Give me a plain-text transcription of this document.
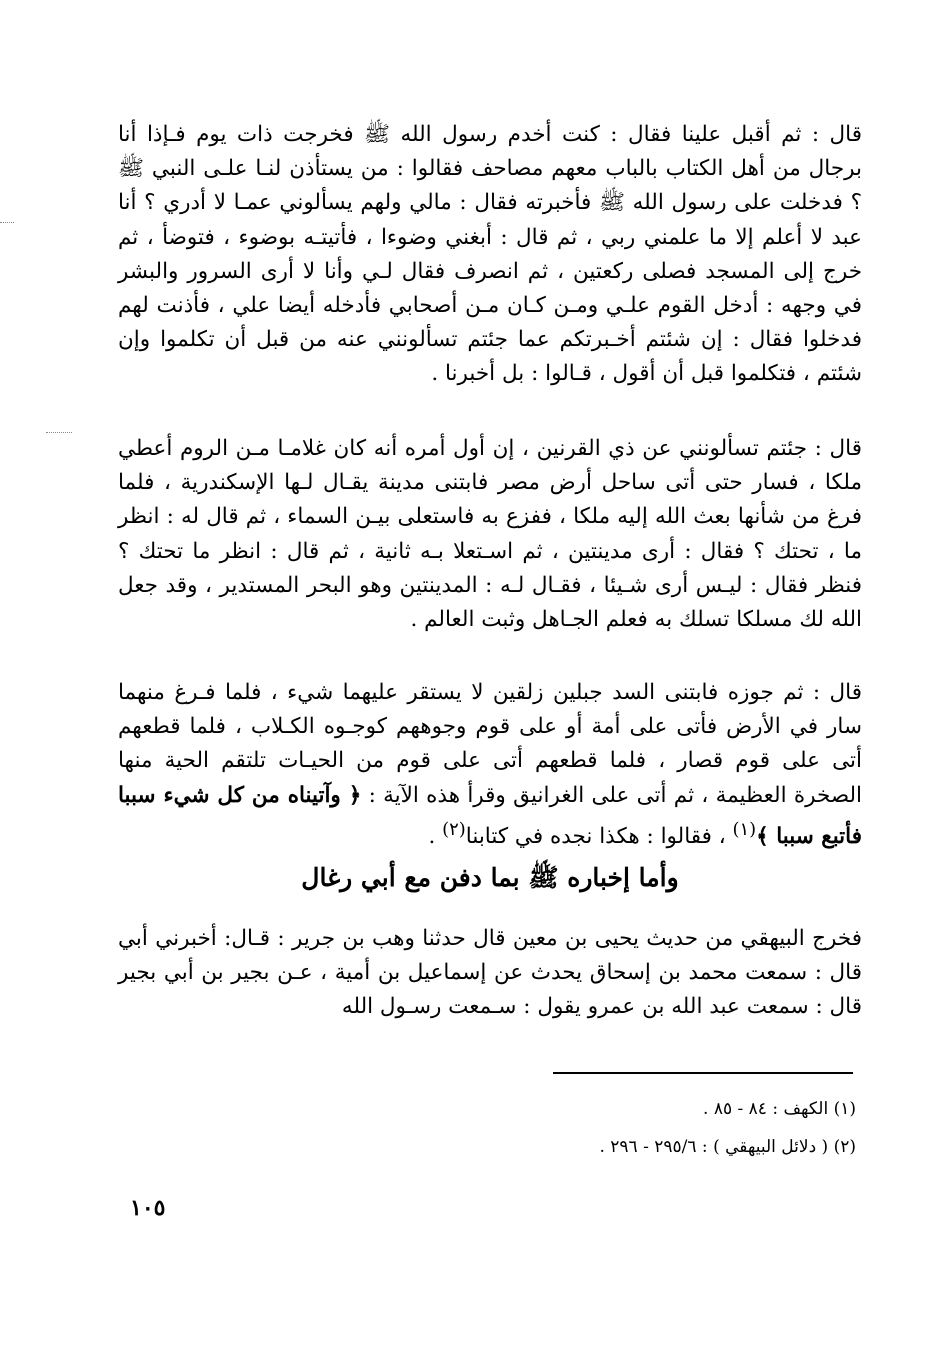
قال : ثم أقبل علينا فقال : كنت أخدم رسول الله ﷺ فخرجت ذات يوم فـإذا أنا برجال من أهل الكتاب بالباب معهم مصاحف فقالوا : من يستأذن لنـا علـى النبي ﷺ ؟ فدخلت على رسول الله ﷺ فأخبرته فقال : مالي ولهم يسألوني عمـا لا أدري ؟ أنا عبد لا أعلم إلا ما علمني ربي ، ثم قال : أبغني وضوءا ، فأتيتـه بوضوء ، فتوضأ ، ثم خرج إلى المسجد فصلى ركعتين ، ثم انصرف فقال لـي وأنا لا أرى السرور والبشر في وجهه : أدخل القوم علـي ومـن كـان مـن أصحابي فأدخله أيضا علي ، فأذنت لهم فدخلوا فقال : إن شئتم أخـبرتكم عما جئتم تسألونني عنه من قبل أن تكلموا وإن شئتم ، فتكلموا قبل أن أقول ، قـالوا : بل أخبرنا .

قال : جئتم تسألونني عن ذي القرنين ، إن أول أمره أنه كان غلامـا مـن الروم أعطي ملكا ، فسار حتى أتى ساحل أرض مصر فابتنى مدينة يقـال لـها الإسكندرية ، فلما فرغ من شأنها بعث الله إليه ملكا ، ففزع به فاستعلى بيـن السماء ، ثم قال له : انظر ما ، تحتك ؟ فقال : أرى مدينتين ، ثم اسـتعلا بـه ثانية ، ثم قال : انظر ما تحتك ؟ فنظر فقال : ليـس أرى شـيئا ، فقـال لـه : المدينتين وهو البحر المستدير ، وقد جعل الله لك مسلكا تسلك به فعلم الجـاهل وثبت العالم .

قال : ثم جوزه فابتنى السد جبلين زلقين لا يستقر عليهما شيء ، فلما فـرغ منهما سار في الأرض فأتى على أمة أو على قوم وجوههم كوجـوه الكـلاب ، فلما قطعهم أتى على قوم قصار ، فلما قطعهم أتى على قوم من الحيـات تلتقم الحية منها الصخرة العظيمة ، ثم أتى على الغرانيق وقرأ هذه الآية : ﴿ وآتيناه من كل شيء سببا فأتبع سببا ﴾$^{(١)}$ ، فقالوا : هكذا نجده في كتابنا$^{(٢)}$ .

وأما إخباره ﷺ بما دفن مع أبي رغال

فخرج البيهقي من حديث يحيى بن معين قال حدثنا وهب بن جرير : قـال: أخبرني أبي قال : سمعت محمد بن إسحاق يحدث عن إسماعيل بن أمية ، عـن بجير بن أبي بجير قال : سمعت عبد الله بن عمرو يقول : سـمعت رسـول الله

(١) الكهف : ٨٤ - ٨٥ .

(٢) ( دلائل البيهقي ) : ٢٩٥/٦ - ٢٩٦ .

١٠٥
